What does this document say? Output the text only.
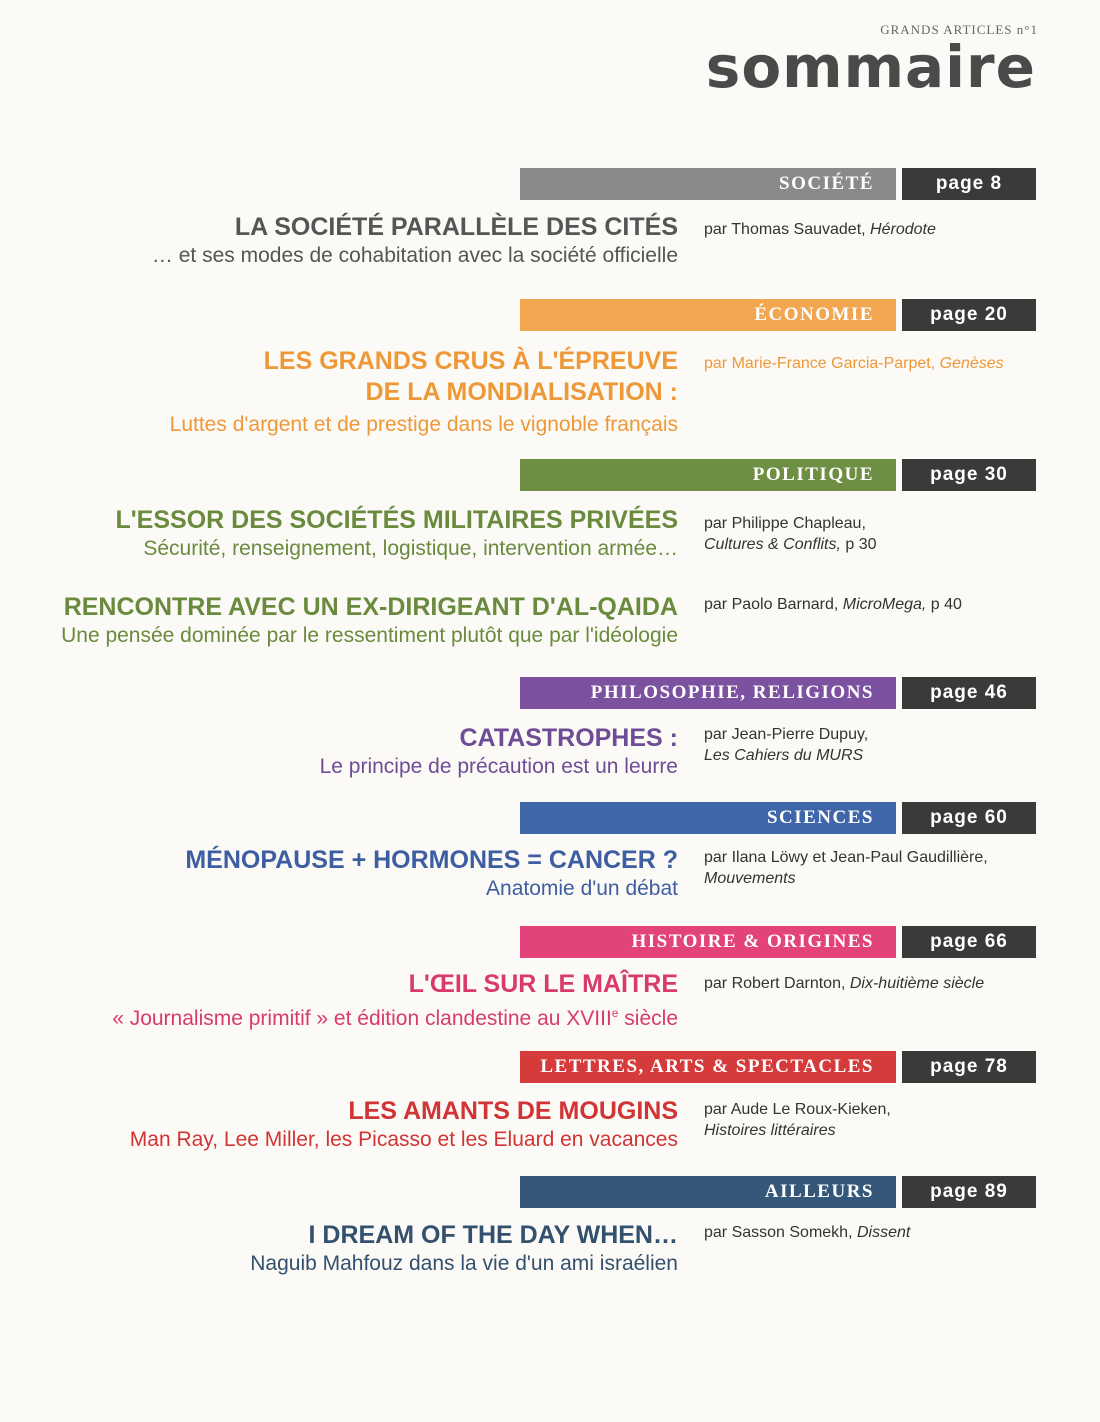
GRANDS ARTICLES n°1
sommaire
SOCIÉTÉ	page 8
LA SOCIÉTÉ PARALLÈLE DES CITÉS
… et ses modes de cohabitation avec la société officielle
par Thomas Sauvadet, Hérodote
ÉCONOMIE	page 20
LES GRANDS CRUS À L'ÉPREUVE
DE LA MONDIALISATION :
Luttes d'argent et de prestige dans le vignoble français
par Marie-France Garcia-Parpet, Genèses
POLITIQUE	page 30
L'ESSOR DES SOCIÉTÉS MILITAIRES PRIVÉES
Sécurité, renseignement, logistique, intervention armée…
par Philippe Chapleau,
Cultures & Conflits, p 30
RENCONTRE AVEC UN EX-DIRIGEANT D'AL-QAIDA
Une pensée dominée par le ressentiment plutôt que par l'idéologie
par Paolo Barnard, MicroMega, p 40
PHILOSOPHIE, RELIGIONS	page 46
CATASTROPHES :
Le principe de précaution est un leurre
par Jean-Pierre Dupuy,
Les Cahiers du MURS
SCIENCES	page 60
MÉNOPAUSE + HORMONES = CANCER ?
Anatomie d'un débat
par Ilana Löwy et Jean-Paul Gaudillière,
Mouvements
HISTOIRE & ORIGINES	page 66
L'ŒIL SUR LE MAÎTRE
« Journalisme primitif » et édition clandestine au XVIIIe siècle
par Robert Darnton, Dix-huitième siècle
LETTRES, ARTS & SPECTACLES	page 78
LES AMANTS DE MOUGINS
Man Ray, Lee Miller, les Picasso et les Eluard en vacances
par Aude Le Roux-Kieken,
Histoires littéraires
AILLEURS	page 89
I DREAM OF THE DAY WHEN…
Naguib Mahfouz dans la vie d'un ami israélien
par Sasson Somekh, Dissent
